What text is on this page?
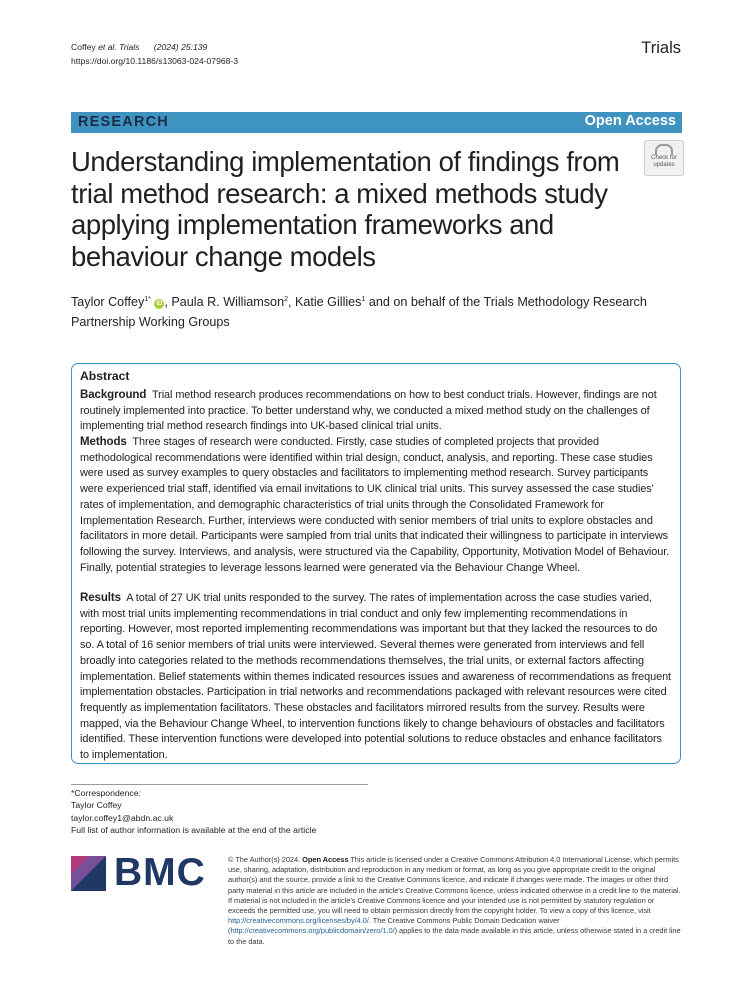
Coffey et al. Trials (2024) 25:139
https://doi.org/10.1186/s13063-024-07968-3
Trials
RESEARCH	Open Access
Understanding implementation of findings from trial method research: a mixed methods study applying implementation frameworks and behaviour change models
Check for
updates
Taylor Coffey$^{1*}$ iD , Paula R. Williamson$^2$, Katie Gillies$^1$ and on behalf of the Trials Methodology Research Partnership Working Groups
Abstract
Background Trial method research produces recommendations on how to best conduct trials. However, findings are not routinely implemented into practice. To better understand why, we conducted a mixed method study on the challenges of implementing trial method research findings into UK-based clinical trial units.
Methods Three stages of research were conducted. Firstly, case studies of completed projects that provided methodological recommendations were identified within trial design, conduct, analysis, and reporting. These case studies were used as survey examples to query obstacles and facilitators to implementing method research. Survey participants were experienced trial staff, identified via email invitations to UK clinical trial units. This survey assessed the case studies' rates of implementation, and demographic characteristics of trial units through the Consolidated Framework for Implementation Research. Further, interviews were conducted with senior members of trial units to explore obstacles and facilitators in more detail. Participants were sampled from trial units that indicated their willingness to participate in interviews following the survey. Interviews, and analysis, were structured via the Capability, Opportunity, Motivation Model of Behaviour. Finally, potential strategies to leverage lessons learned were generated via the Behaviour Change Wheel.
Results A total of 27 UK trial units responded to the survey. The rates of implementation across the case studies varied, with most trial units implementing recommendations in trial conduct and only few implementing recommendations in reporting. However, most reported implementing recommendations was important but that they lacked the resources to do so. A total of 16 senior members of trial units were interviewed. Several themes were generated from interviews and fell broadly into categories related to the methods recommendations themselves, the trial units, or external factors affecting implementation. Belief statements within themes indicated resources issues and awareness of recommendations as frequent implementation obstacles. Participation in trial networks and recommendations packaged with relevant resources were cited frequently as implementation facilitators. These obstacles and facilitators mirrored results from the survey. Results were mapped, via the Behaviour Change Wheel, to intervention functions likely to change behaviours of obstacles and facilitators identified. These intervention functions were developed into potential solutions to reduce obstacles and enhance facilitators to implementation.
*Correspondence:
Taylor Coffey
taylor.coffey1@abdn.ac.uk
Full list of author information is available at the end of the article
BMC	© The Author(s) 2024. Open Access This article is licensed under a Creative Commons Attribution 4.0 International License, which permits use, sharing, adaptation, distribution and reproduction in any medium or format, as long as you give appropriate credit to the original author(s) and the source, provide a link to the Creative Commons licence, and indicate if changes were made. The images or other third party material in this article are included in the article's Creative Commons licence, unless indicated otherwise in a credit line to the material. If material is not included in the article's Creative Commons licence and your intended use is not permitted by statutory regulation or exceeds the permitted use, you will need to obtain permission directly from the copyright holder. To view a copy of this licence, visit http://creativecommons.org/licenses/by/4.0/. The Creative Commons Public Domain Dedication waiver (http://creativecommons.org/publicdomain/zero/1.0/) applies to the data made available in this article, unless otherwise stated in a credit line to the data.
